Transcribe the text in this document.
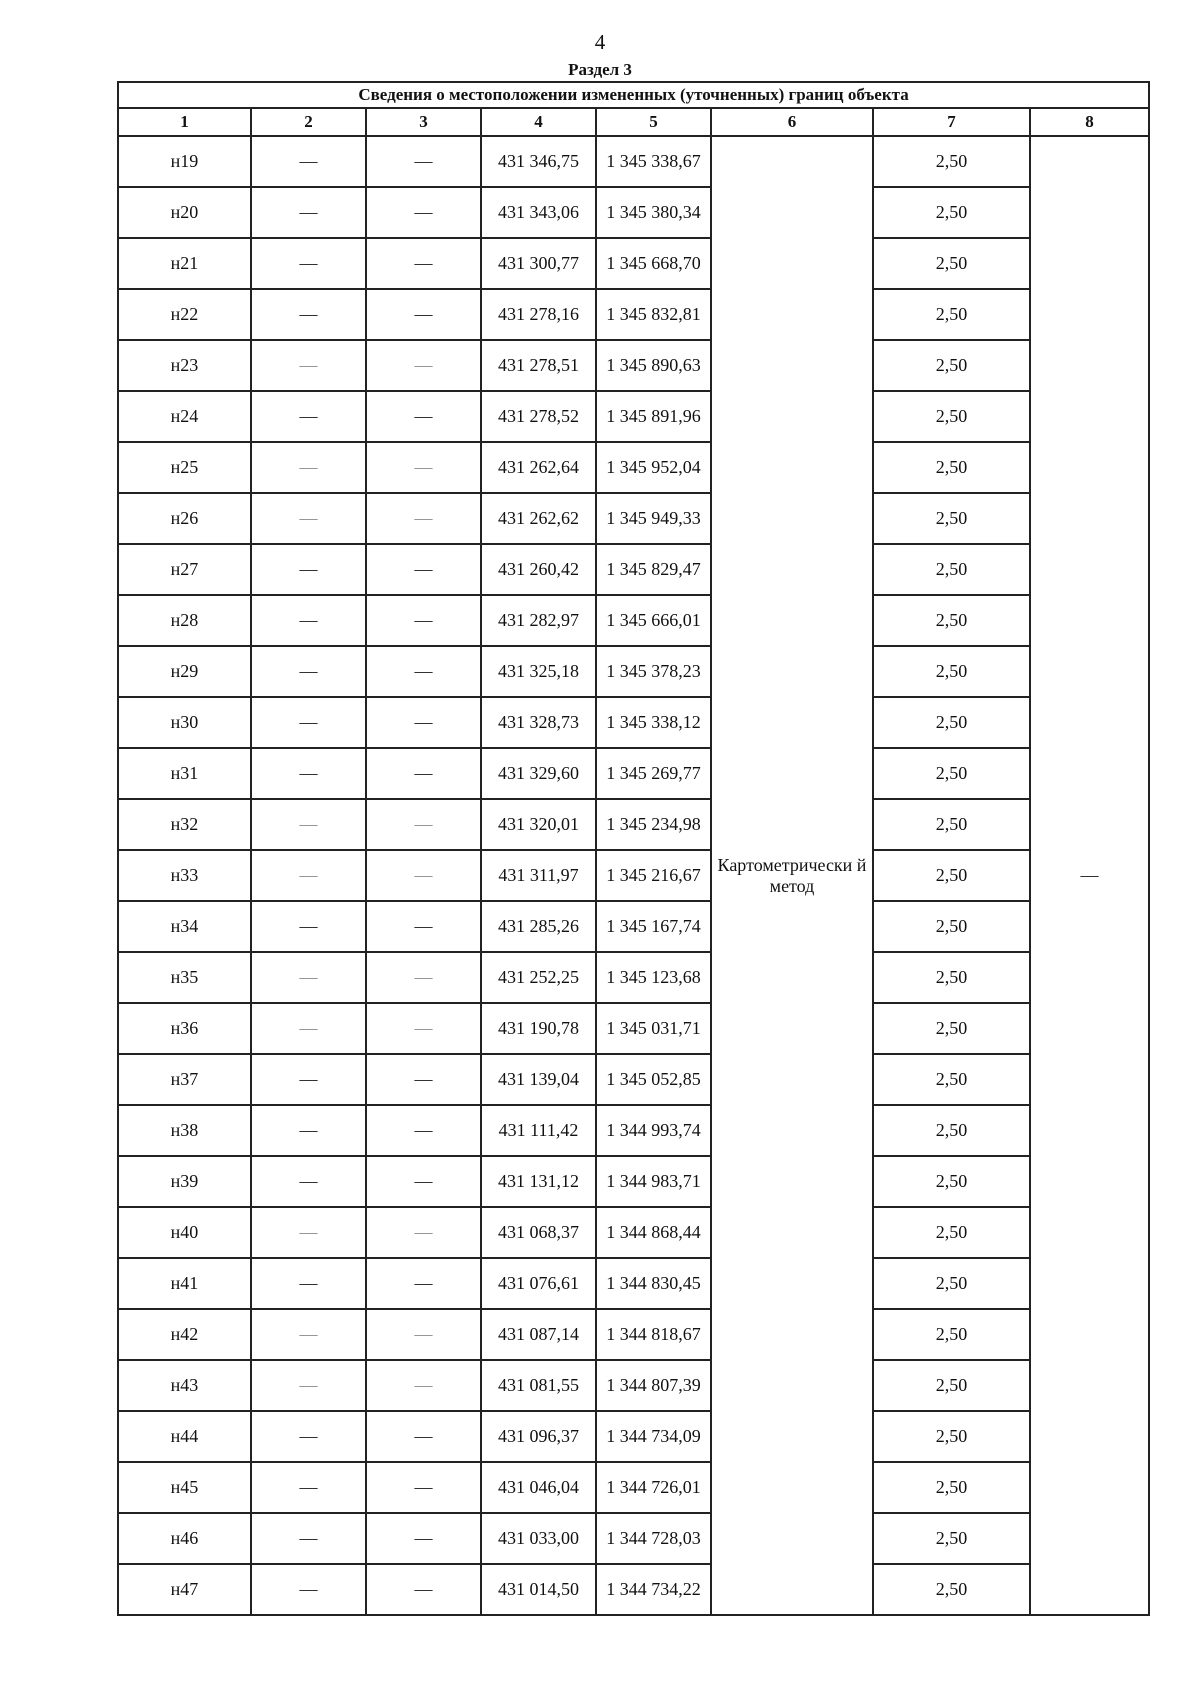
4
Раздел 3
Сведения о местоположении измененных (уточненных) границ объекта							
1	2	3	4	5	6	7	8
н19	—	—	431 346,75	1 345 338,67	Картометрически й метод	2,50	—
н20	—	—	431 343,06	1 345 380,34		2,50	
н21	—	—	431 300,77	1 345 668,70		2,50	
н22	—	—	431 278,16	1 345 832,81		2,50	
н23	—	—	431 278,51	1 345 890,63		2,50	
н24	—	—	431 278,52	1 345 891,96		2,50	
н25	—	—	431 262,64	1 345 952,04		2,50	
н26	—	—	431 262,62	1 345 949,33		2,50	
н27	—	—	431 260,42	1 345 829,47		2,50	
н28	—	—	431 282,97	1 345 666,01		2,50	
н29	—	—	431 325,18	1 345 378,23		2,50	
н30	—	—	431 328,73	1 345 338,12		2,50	
н31	—	—	431 329,60	1 345 269,77		2,50	
н32	—	—	431 320,01	1 345 234,98		2,50	
н33	—	—	431 311,97	1 345 216,67		2,50	
н34	—	—	431 285,26	1 345 167,74		2,50	
н35	—	—	431 252,25	1 345 123,68		2,50	
н36	—	—	431 190,78	1 345 031,71		2,50	
н37	—	—	431 139,04	1 345 052,85		2,50	
н38	—	—	431 111,42	1 344 993,74		2,50	
н39	—	—	431 131,12	1 344 983,71		2,50	
н40	—	—	431 068,37	1 344 868,44		2,50	
н41	—	—	431 076,61	1 344 830,45		2,50	
н42	—	—	431 087,14	1 344 818,67		2,50	
н43	—	—	431 081,55	1 344 807,39		2,50	
н44	—	—	431 096,37	1 344 734,09		2,50	
н45	—	—	431 046,04	1 344 726,01		2,50	
н46	—	—	431 033,00	1 344 728,03		2,50	
н47	—	—	431 014,50	1 344 734,22		2,50	
